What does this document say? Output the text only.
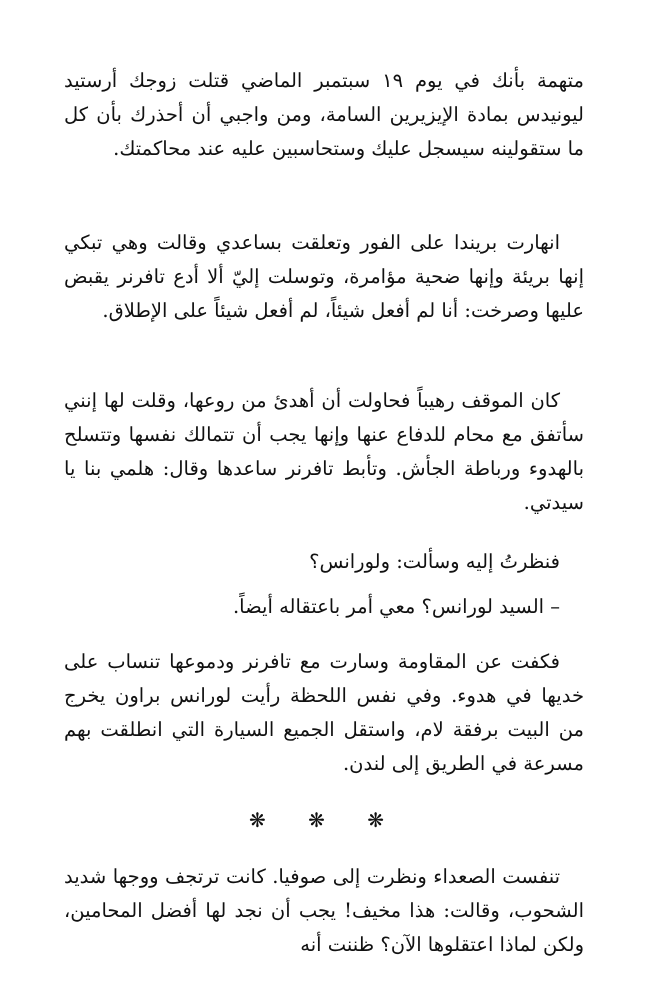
متهمة بأنك في يوم ١٩ سبتمبر الماضي قتلت زوجك أرستيد ليونيدس بمادة الإيزيرين السامة، ومن واجبي أن أحذرك بأن كل ما ستقولينه سيسجل عليك وستحاسبين عليه عند محاكمتك.

انهارت بريندا على الفور وتعلقت بساعدي وقالت وهي تبكي إنها بريئة وإنها ضحية مؤامرة، وتوسلت إليّ ألا أدع تافرنر يقبض عليها وصرخت: أنا لم أفعل شيئاً، لم أفعل شيئاً على الإطلاق.

كان الموقف رهيباً فحاولت أن أهدئ من روعها، وقلت لها إنني سأتفق مع محام للدفاع عنها وإنها يجب أن تتمالك نفسها وتتسلح بالهدوء ورباطة الجأش. وتأبط تافرنر ساعدها وقال: هلمي بنا يا سيدتي.

فنظرتُ إليه وسألت: ولورانس؟

– السيد لورانس؟ معي أمر باعتقاله أيضاً.

فكفت عن المقاومة وسارت مع تافرنر ودموعها تنساب على خديها في هدوء. وفي نفس اللحظة رأيت لورانس براون يخرج من البيت برفقة لام، واستقل الجميع السيارة التي انطلقت بهم مسرعة في الطريق إلى لندن.

❋ ❋ ❋

تنفست الصعداء ونظرت إلى صوفيا. كانت ترتجف ووجها شديد الشحوب، وقالت: هذا مخيف! يجب أن نجد لها أفضل المحامين، ولكن لماذا اعتقلوها الآن؟ ظننت أنه
